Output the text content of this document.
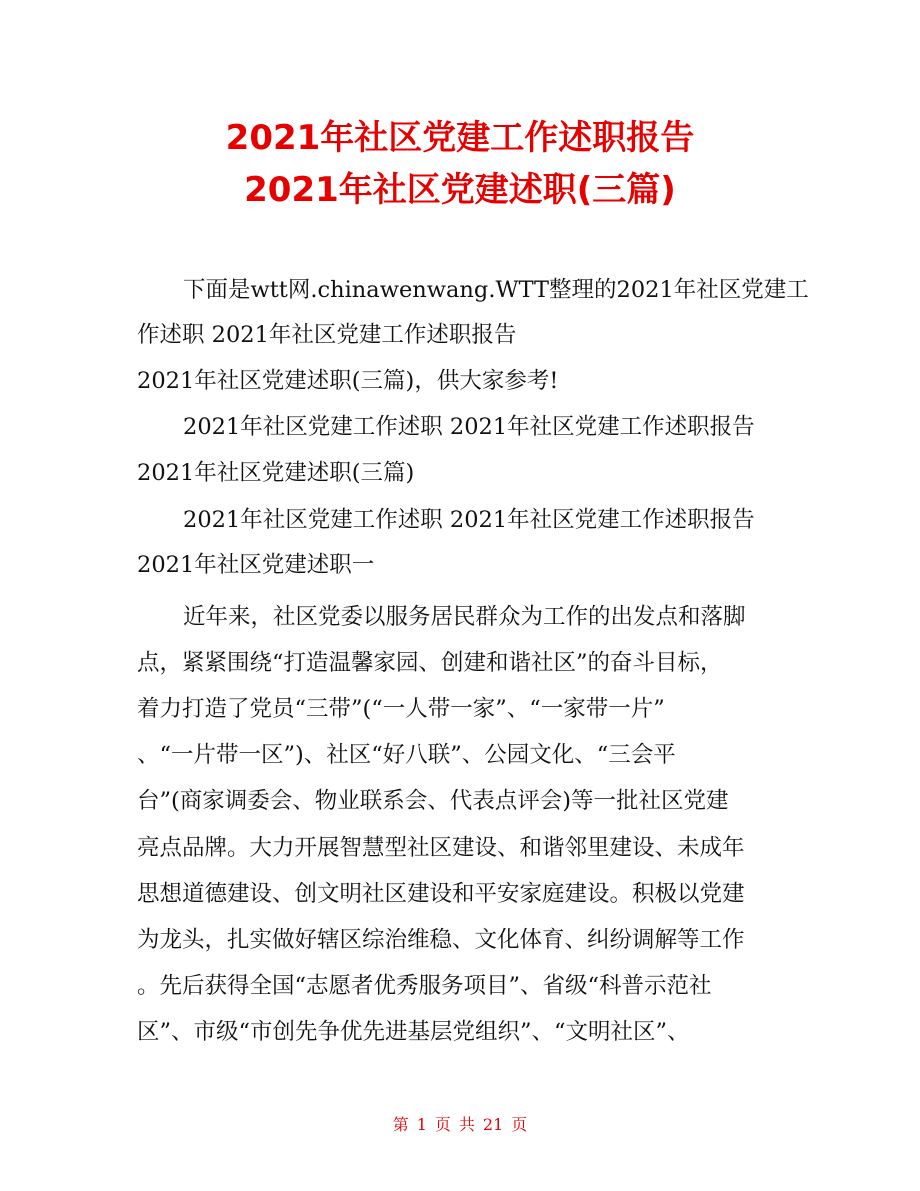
2021年社区党建工作述职报告
2021年社区党建述职(三篇)

下面是wtt网.chinawenwang.WTT整理的2021年社区党建工

作述职 2021年社区党建工作述职报告

2021年社区党建述职(三篇)，供大家参考!

2021年社区党建工作述职 2021年社区党建工作述职报告

2021年社区党建述职(三篇)

2021年社区党建工作述职 2021年社区党建工作述职报告

2021年社区党建述职一

近年来，社区党委以服务居民群众为工作的出发点和落脚

点，紧紧围绕“打造温馨家园、创建和谐社区”的奋斗目标，

着力打造了党员“三带”(“一人带一家”、“一家带一片”

、“一片带一区”)、社区“好八联”、公园文化、“三会平

台”(商家调委会、物业联系会、代表点评会)等一批社区党建

亮点品牌。大力开展智慧型社区建设、和谐邻里建设、未成年

思想道德建设、创文明社区建设和平安家庭建设。积极以党建

为龙头，扎实做好辖区综治维稳、文化体育、纠纷调解等工作

。先后获得全国“志愿者优秀服务项目”、省级“科普示范社

区”、市级“市创先争优先进基层党组织”、“文明社区”、

第 1 页 共 21 页
